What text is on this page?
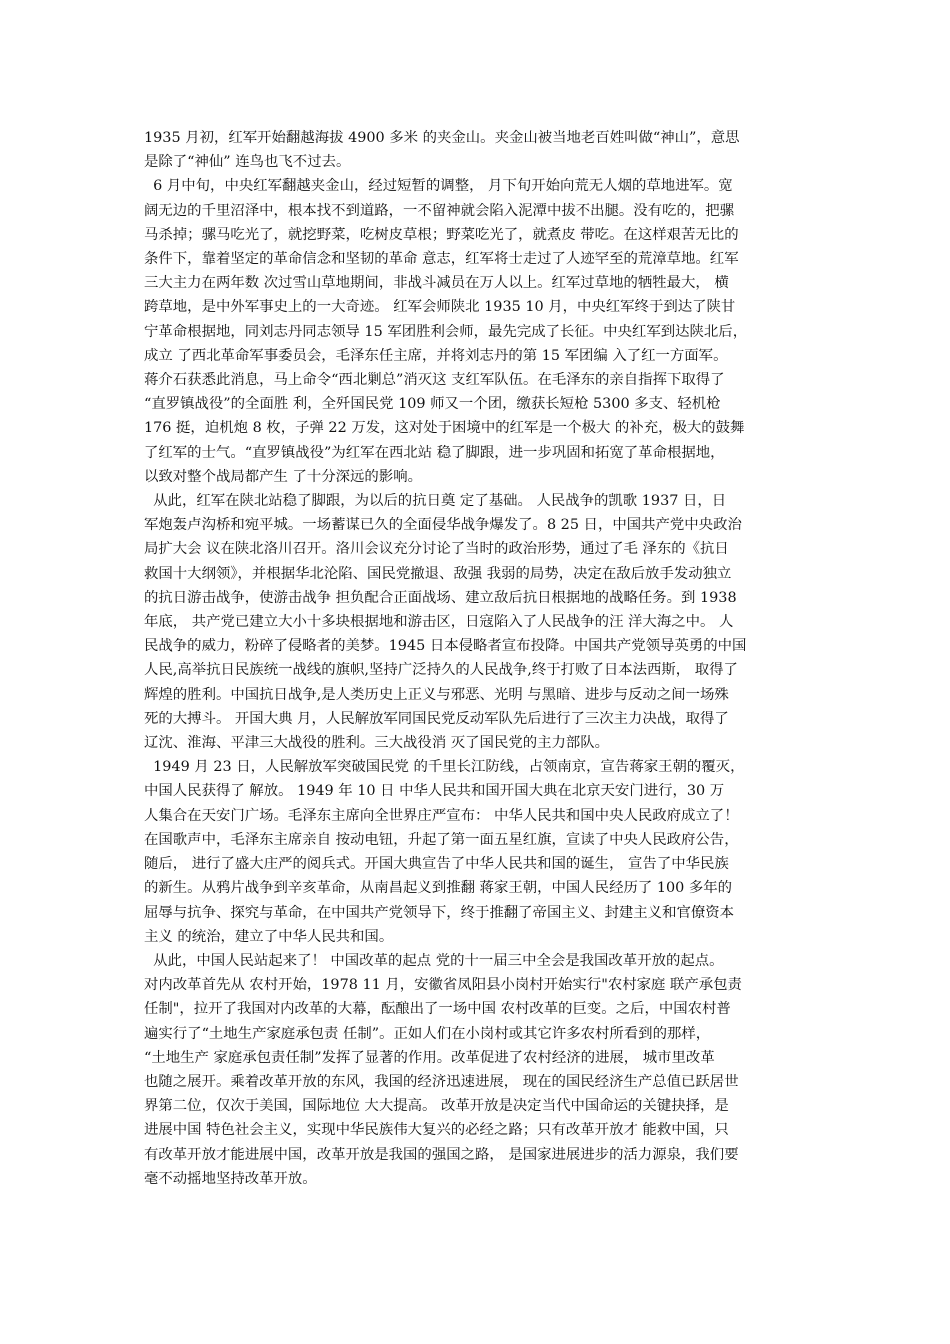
1935 月初，红军开始翻越海拔 4900 多米 的夹金山。夹金山被当地老百姓叫做“神山”，意思

是除了“神仙” 连鸟也飞不过去。

6 月中旬，中央红军翻越夹金山，经过短暂的调整， 月下旬开始向荒无人烟的草地进军。宽

阔无边的千里沼泽中，根本找不到道路，一不留神就会陷入泥潭中拔不出腿。没有吃的，把骡

马杀掉；骡马吃光了，就挖野菜，吃树皮草根；野菜吃光了，就煮皮 带吃。在这样艰苦无比的

条件下，靠着坚定的革命信念和坚韧的革命 意志，红军将士走过了人迹罕至的荒漳草地。红军

三大主力在两年数 次过雪山草地期间，非战斗减员在万人以上。红军过草地的牺牲最大， 横

跨草地，是中外军事史上的一大奇迹。 红军会师陕北 1935 10 月，中央红军终于到达了陕甘

宁革命根据地，同刘志丹同志领导 15 军团胜利会师，最先完成了长征。中央红军到达陕北后，

成立 了西北革命军事委员会，毛泽东任主席，并将刘志丹的第 15 军团编 入了红一方面军。

蒋介石获悉此消息，马上命令“西北剿总”消灭这 支红军队伍。在毛泽东的亲自指挥下取得了

“直罗镇战役”的全面胜 利，全歼国民党 109 师又一个团，缴获长短枪 5300 多支、轻机枪

176 挺，迫机炮 8 枚，子弹 22 万发，这对处于困境中的红军是一个极大 的补充，极大的鼓舞

了红军的士气。“直罗镇战役”为红军在西北站 稳了脚跟，进一步巩固和拓宽了革命根据地，

以致对整个战局都产生 了十分深远的影响。

从此，红军在陕北站稳了脚跟，为以后的抗日奠 定了基础。 人民战争的凯歌 1937 日，日

军炮轰卢沟桥和宛平城。一场蓄谋已久的全面侵华战争爆发了。8 25 日，中国共产党中央政治

局扩大会 议在陕北洛川召开。洛川会议充分讨论了当时的政治形势，通过了毛 泽东的《抗日

救国十大纲领》，并根据华北沦陷、国民党撤退、敌强 我弱的局势，决定在敌后放手发动独立

的抗日游击战争，使游击战争 担负配合正面战场、建立敌后抗日根据地的战略任务。到 1938

年底， 共产党已建立大小十多块根据地和游击区，日寇陷入了人民战争的汪 洋大海之中。 人

民战争的威力，粉碎了侵略者的美梦。1945 日本侵略者宣布投降。中国共产党领导英勇的中国

人民,高举抗日民族统一战线的旗帜,坚持广泛持久的人民战争,终于打败了日本法西斯， 取得了

辉煌的胜利。中国抗日战争,是人类历史上正义与邪恶、光明 与黑暗、进步与反动之间一场殊

死的大搏斗。 开国大典 月，人民解放军同国民党反动军队先后进行了三次主力决战，取得了

辽沈、淮海、平津三大战役的胜利。三大战役消 灭了国民党的主力部队。

1949 月 23 日，人民解放军突破国民党 的千里长江防线，占领南京，宣告蒋家王朝的覆灭，

中国人民获得了 解放。 1949 年 10 日 中华人民共和国开国大典在北京天安门进行，30 万

人集合在天安门广场。毛泽东主席向全世界庄严宣布： 中华人民共和国中央人民政府成立了！

在国歌声中，毛泽东主席亲自 按动电钮，升起了第一面五星红旗，宣读了中央人民政府公告，

随后， 进行了盛大庄严的阅兵式。开国大典宣告了中华人民共和国的诞生， 宣告了中华民族

的新生。从鸦片战争到辛亥革命，从南昌起义到推翻 蒋家王朝，中国人民经历了 100 多年的

屈辱与抗争、探究与革命，在中国共产党领导下，终于推翻了帝国主义、封建主义和官僚资本

主义 的统治，建立了中华人民共和国。

从此，中国人民站起来了！ 中国改革的起点 党的十一届三中全会是我国改革开放的起点。

对内改革首先从 农村开始，1978 11 月，安徽省凤阳县小岗村开始实行"农村家庭 联产承包责

任制"，拉开了我国对内改革的大幕，酝酿出了一场中国 农村改革的巨变。之后，中国农村普

遍实行了“土地生产家庭承包责 任制”。正如人们在小岗村或其它许多农村所看到的那样，

“土地生产 家庭承包责任制”发挥了显著的作用。改革促进了农村经济的进展， 城市里改革

也随之展开。乘着改革开放的东风，我国的经济迅速进展， 现在的国民经济生产总值已跃居世

界第二位，仅次于美国，国际地位 大大提高。 改革开放是决定当代中国命运的关键抉择，是

进展中国 特色社会主义，实现中华民族伟大复兴的必经之路；只有改革开放才 能救中国，只

有改革开放才能进展中国，改革开放是我国的强国之路， 是国家进展进步的活力源泉，我们要

毫不动摇地坚持改革开放。
